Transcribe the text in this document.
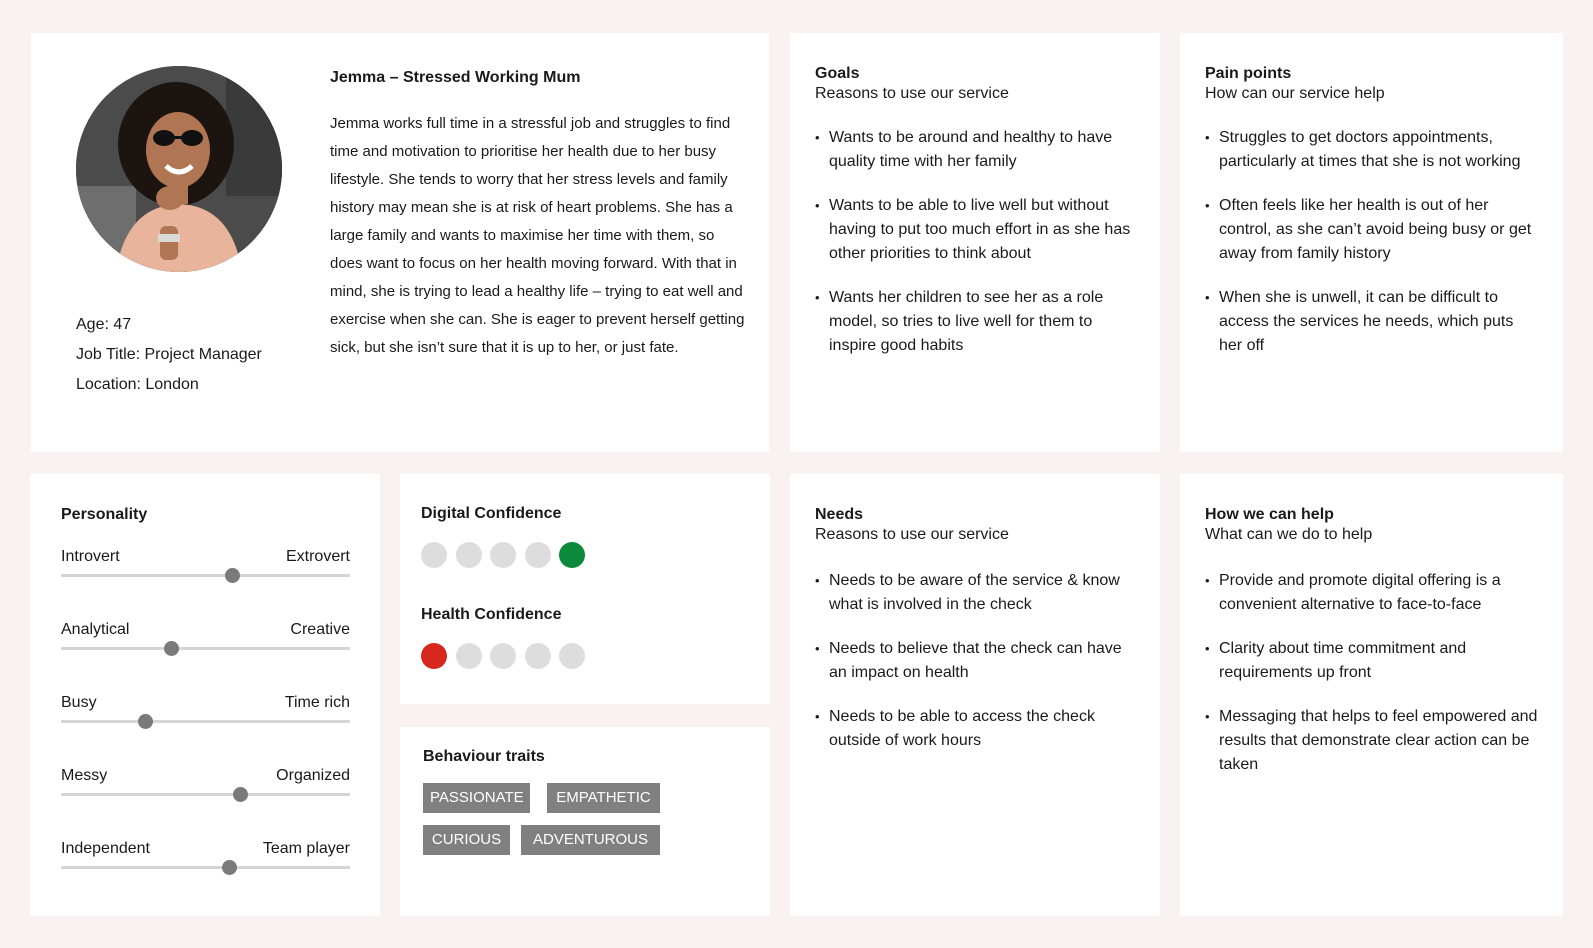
Age: 47
Job Title: Project Manager
Location: London
Jemma – Stressed Working Mum
Jemma works full time in a stressful job and struggles to find time and motivation to prioritise her health due to her busy lifestyle. She tends to worry that her stress levels and family history may mean she is at risk of heart problems. She has a large family and wants to maximise her time with them, so does want to focus on her health moving forward. With that in mind, she is trying to lead a healthy life – trying to eat well and exercise when she can. She is eager to prevent herself getting sick, but she isn’t sure that it is up to her, or just fate.
Goals
Reasons to use our service
• Wants to be around and healthy to have quality time with her family
• Wants to be able to live well but without having to put too much effort in as she has other priorities to think about
• Wants her children to see her as a role model, so tries to live well for them to inspire good habits
Pain points
How can our service help
• Struggles to get doctors appointments, particularly at times that she is not working
• Often feels like her health is out of her control, as she can’t avoid being busy or get away from family history
• When she is unwell, it can be difficult to access the services he needs, which puts her off
Personality
Introvert	Extrovert
Analytical	Creative
Busy	Time rich
Messy	Organized
Independent	Team player
Digital Confidence
Health Confidence
Behaviour traits
PASSIONATE	EMPATHETIC
CURIOUS	ADVENTUROUS
Needs
Reasons to use our service
• Needs to be aware of the service & know what is involved in the check
• Needs to believe that the check can have an impact on health
• Needs to be able to access the check outside of work hours
How we can help
What can we do to help
• Provide and promote digital offering is a convenient alternative to face-to-face
• Clarity about time commitment and requirements up front
• Messaging that helps to feel empowered and results that demonstrate clear action can be taken
